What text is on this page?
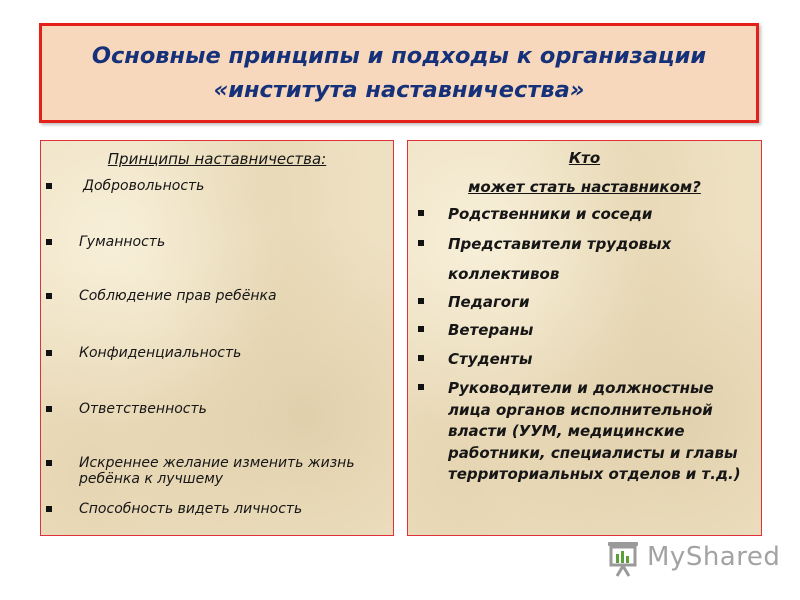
Основные принципы и подходы к организации
«института наставничества»
Принципы наставничества:
Добровольность
Гуманность
Соблюдение прав ребёнка
Конфиденциальность
Ответственность
Искреннее желание изменить жизнь ребёнка к лучшему
Способность видеть личность
Кто
может стать наставником?
Родственники и соседи
Представители трудовых
коллективов
Педагоги
Ветераны
Студенты
Руководители и должностные лица органов исполнительной власти (УУМ, медицинские работники, специалисты и главы территориальных отделов и т.д.)
MyShared
